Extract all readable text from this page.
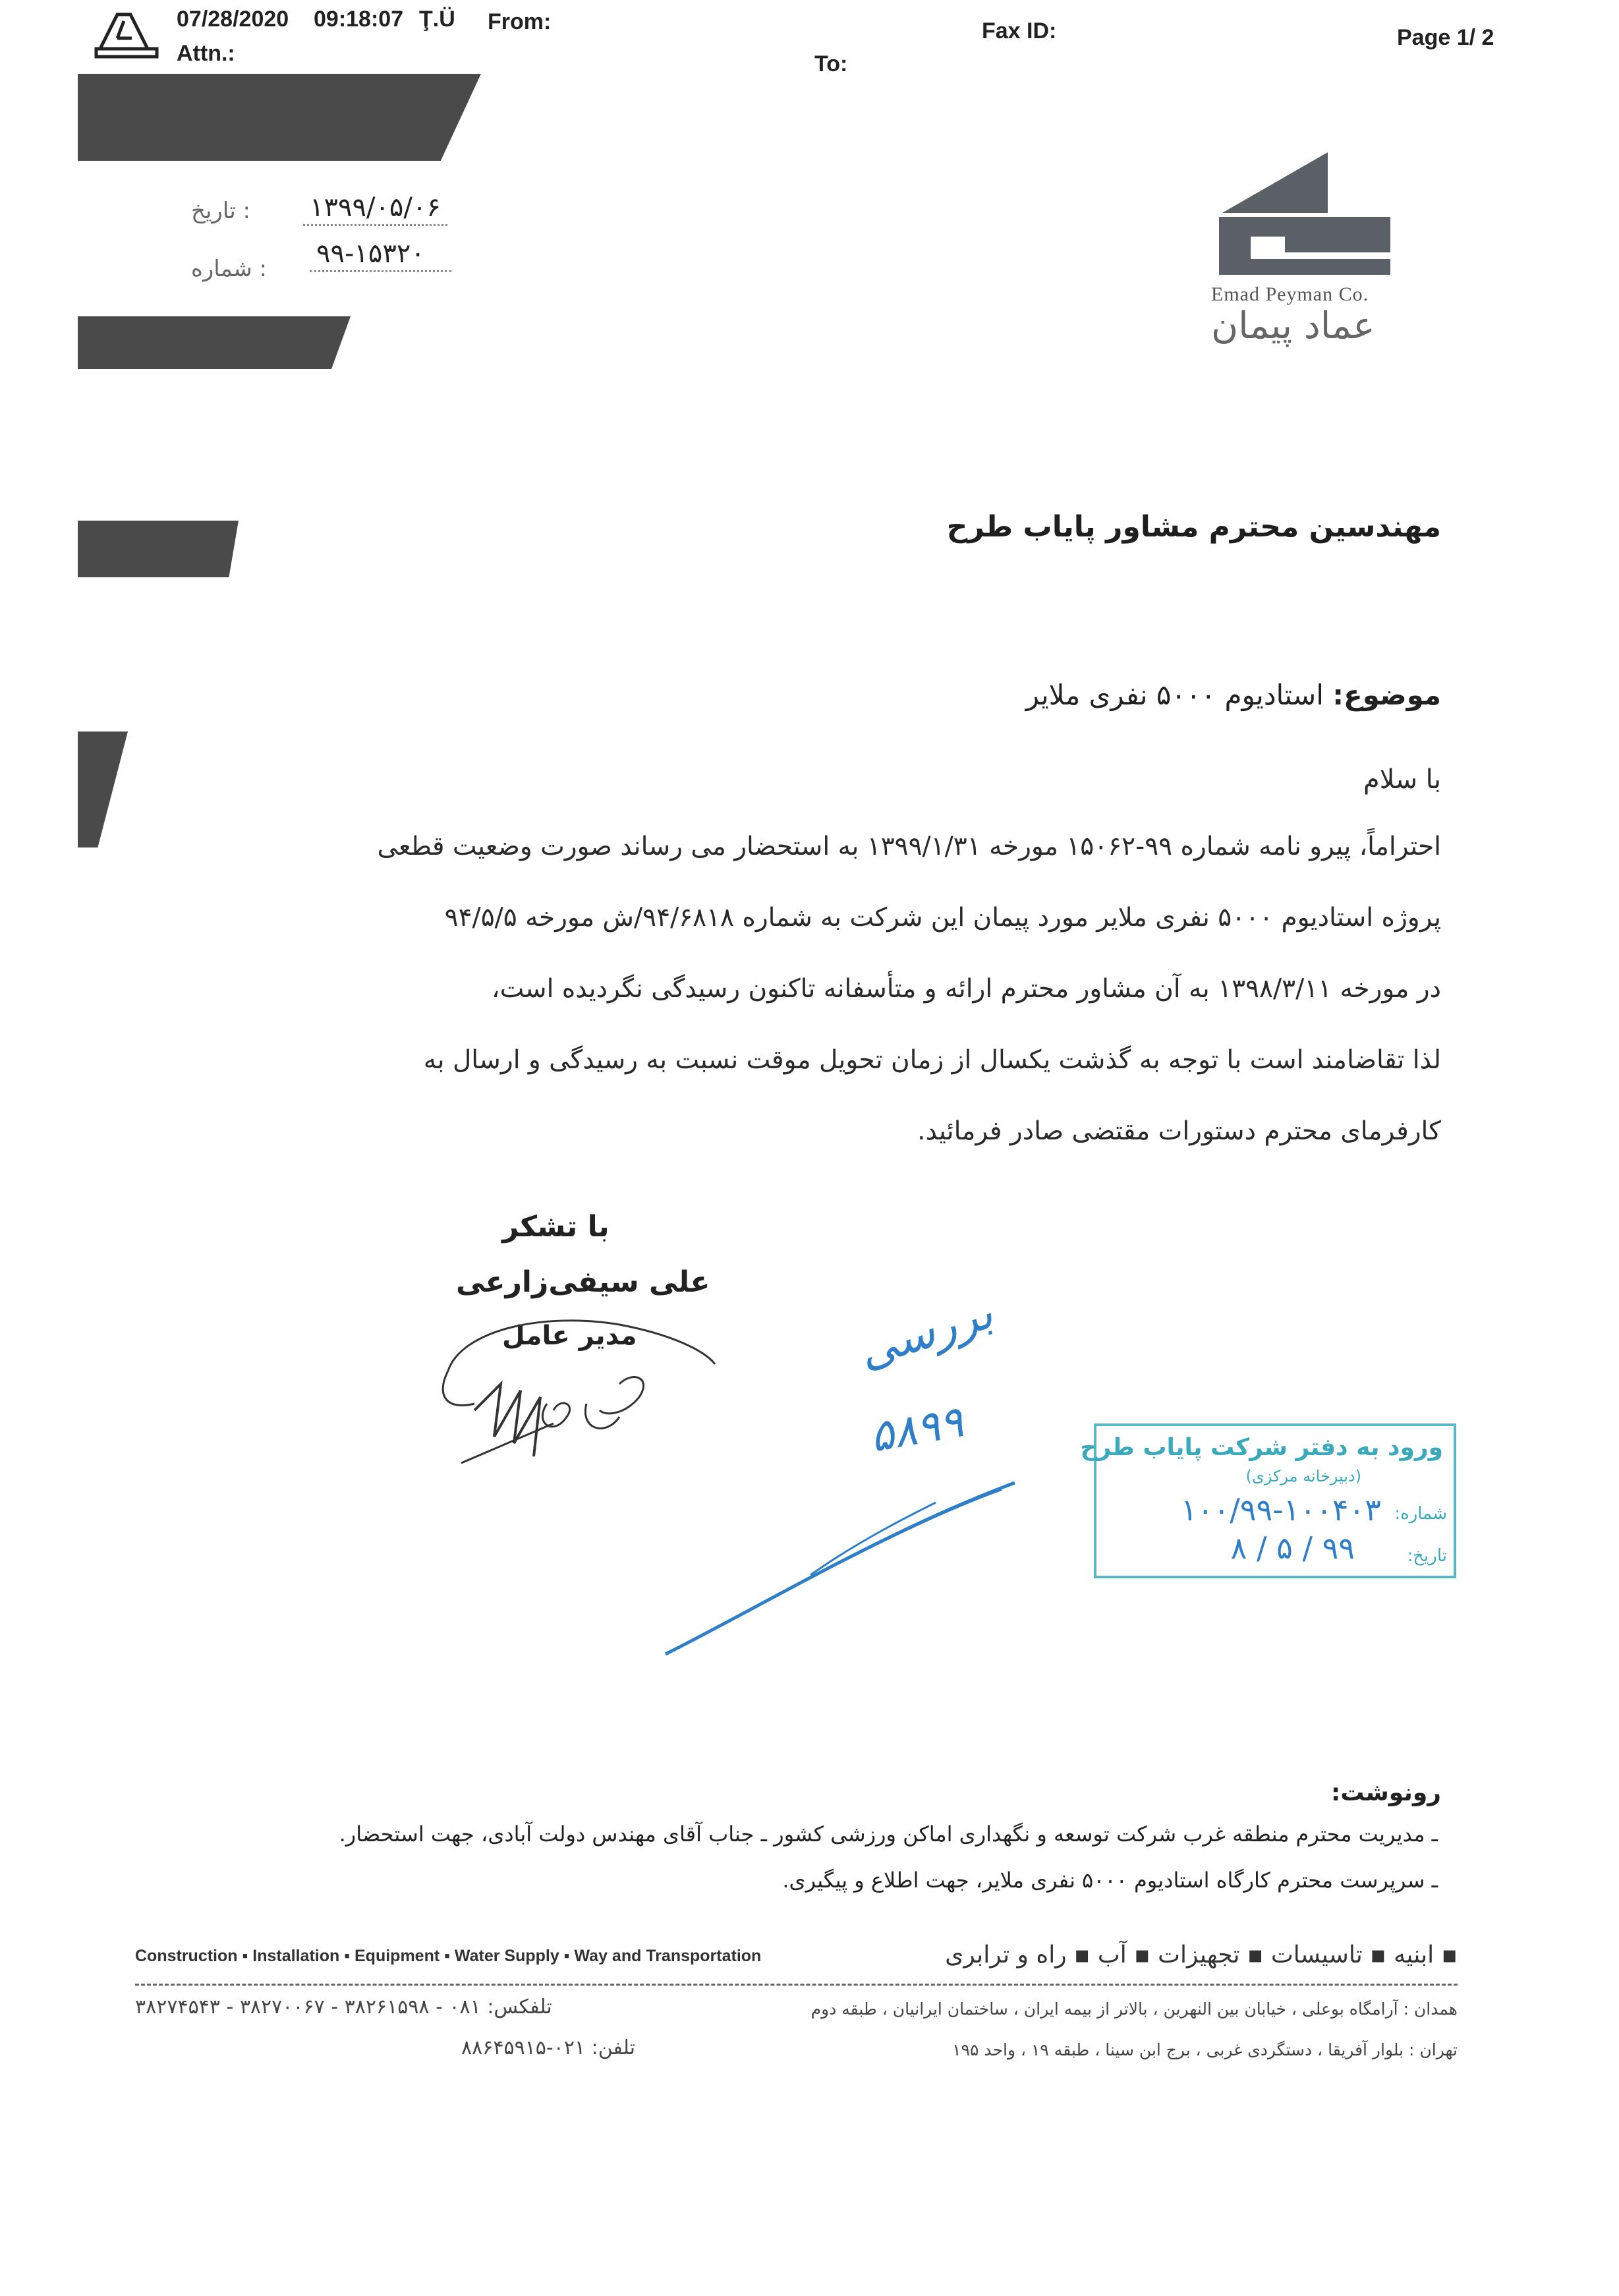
07/28/2020 09:18:07 Ţ.Ü From:
Attn.:	To:
Fax ID:	Page 1/ 2
: تاریخ ۱۳۹۹/۰۵/۰۶
: شماره ۹۹-۱۵۳۲۰
Emad Peyman Co.
عماد پیمان
مهندسین محترم مشاور پایاب طرح
موضوع: استادیوم ۵۰۰۰ نفری ملایر
با سلام
احتراماً، پیرو نامه شماره ۹۹-۱۵۰۶۲ مورخه ۱۳۹۹/۱/۳۱ به استحضار می رساند صورت وضعیت قطعی
پروژه استادیوم ۵۰۰۰ نفری ملایر مورد پیمان این شرکت به شماره ۹۴/۶۸۱۸/ش مورخه ۹۴/۵/۵
در مورخه ۱۳۹۸/۳/۱۱ به آن مشاور محترم ارائه و متأسفانه تاکنون رسیدگی نگردیده است،
لذا تقاضامند است با توجه به گذشت یکسال از زمان تحویل موقت نسبت به رسیدگی و ارسال به
کارفرمای محترم دستورات مقتضی صادر فرمائید.
با تشکر
علی سیفی‌زارعی
مدیر عامل	بررسی
۵۸۹۹	ورود به دفتر شرکت پایاب طرح
(دبیرخانه مرکزی)
شماره:
۱۰۰/۹۹-۱۰۰۴۰۳
تاریخ:
۹۹ / ۵ / ۸
رونوشت:
ـ مدیریت محترم منطقه غرب شرکت توسعه و نگهداری اماکن ورزشی کشور ـ جناب آقای مهندس دولت آبادی، جهت استحضار.
ـ سرپرست محترم کارگاه استادیوم ۵۰۰۰ نفری ملایر، جهت اطلاع و پیگیری.
Construction ▪ Installation ▪ Equipment ▪ Water Supply ▪ Way and Transportation	▪ ابنیه ▪ تاسیسات ▪ تجهیزات ▪ آب ▪ راه و ترابری
همدان : آرامگاه بوعلی ، خیابان بین النهرین ، بالاتر از بیمه ایران ، ساختمان ایرانیان ، طبقه دوم
تلفکس: ۰۸۱ - ۳۸۲۶۱۵۹۸ - ۳۸۲۷۰۰۶۷ - ۳۸۲۷۴۵۴۳
تهران : بلوار آفریقا ، دستگردی غربی ، برج ابن سینا ، طبقه ۱۹ ، واحد ۱۹۵
تلفن: ۰۲۱-۸۸۶۴۵۹۱۵
